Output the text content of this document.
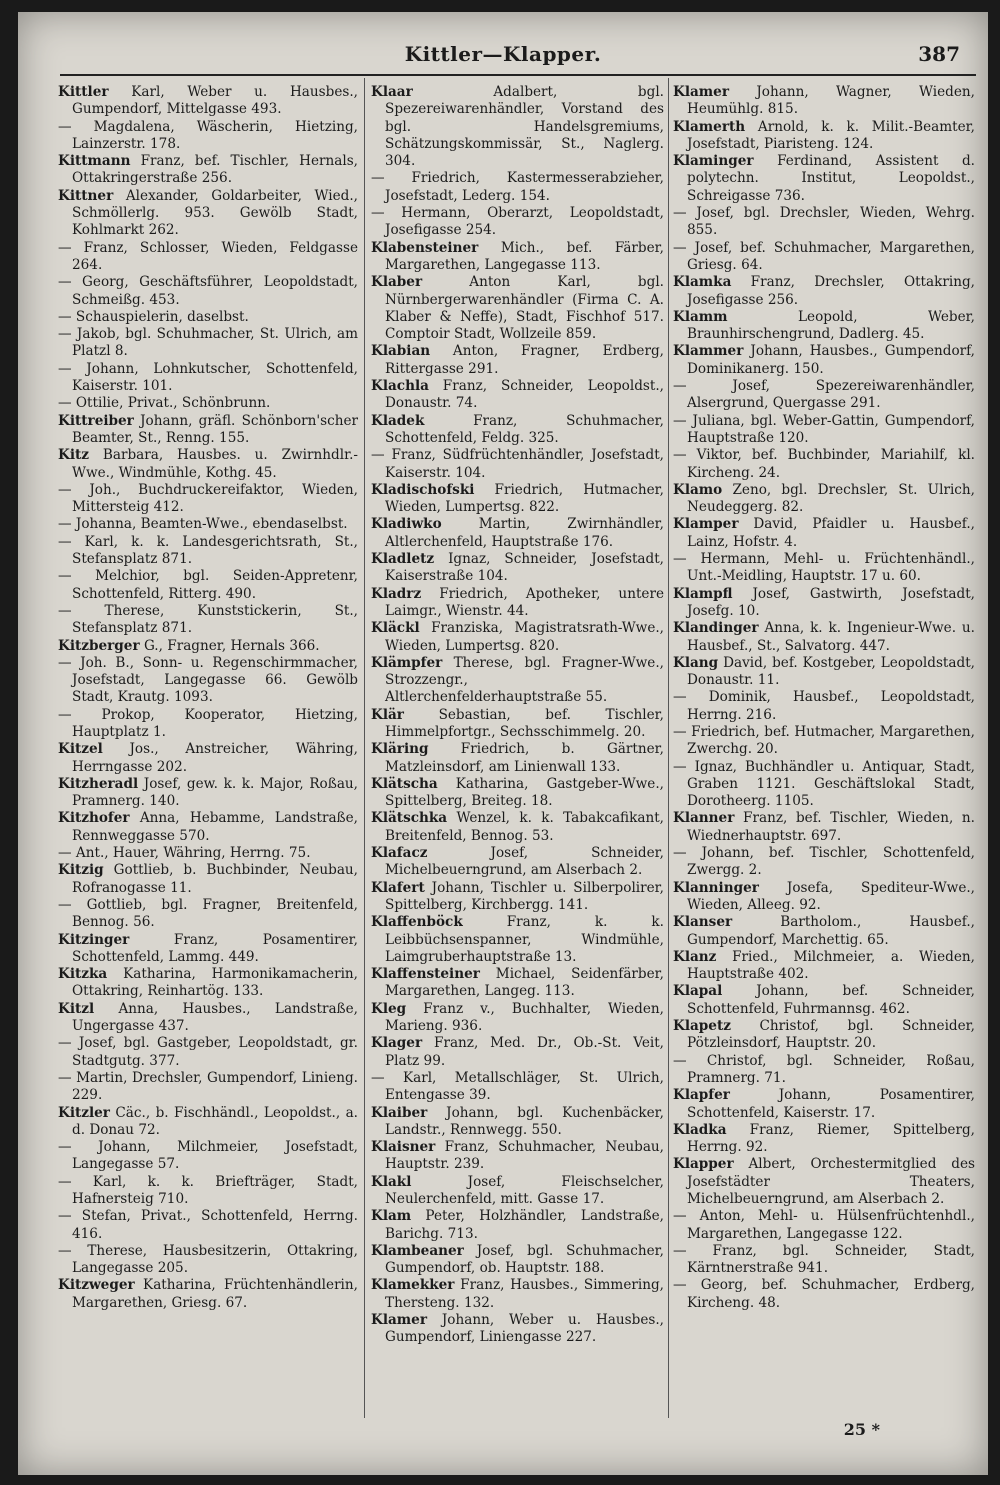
Kittler—Klapper.	387

Kittler Karl, Weber u. Hausbes., Gumpendorf, Mittelgasse 493.

— Magdalena, Wäscherin, Hietzing, Lainzerstr. 178.

Kittmann Franz, bef. Tischler, Hernals, Ottakringerstraße 256.

Kittner Alexander, Goldarbeiter, Wied., Schmöllerlg. 953. Gewölb Stadt, Kohlmarkt 262.

— Franz, Schlosser, Wieden, Feldgasse 264.

— Georg, Geschäftsführer, Leopoldstadt, Schmeißg. 453.

— Schauspielerin, daselbst.

— Jakob, bgl. Schuhmacher, St. Ulrich, am Platzl 8.

— Johann, Lohnkutscher, Schottenfeld, Kaiserstr. 101.

— Ottilie, Privat., Schönbrunn.

Kittreiber Johann, gräfl. Schönborn'scher Beamter, St., Renng. 155.

Kitz Barbara, Hausbes. u. Zwirnhdlr.-Wwe., Windmühle, Kothg. 45.

— Joh., Buchdruckereifaktor, Wieden, Mittersteig 412.

— Johanna, Beamten-Wwe., ebendaselbst.

— Karl, k. k. Landesgerichtsrath, St., Stefansplatz 871.

— Melchior, bgl. Seiden-Appretenr, Schottenfeld, Ritterg. 490.

— Therese, Kunststickerin, St., Stefansplatz 871.

Kitzberger G., Fragner, Hernals 366.

— Joh. B., Sonn- u. Regenschirmmacher, Josefstadt, Langegasse 66. Gewölb Stadt, Krautg. 1093.

— Prokop, Kooperator, Hietzing, Hauptplatz 1.

Kitzel Jos., Anstreicher, Währing, Herrngasse 202.

Kitzheradl Josef, gew. k. k. Major, Roßau, Pramnerg. 140.

Kitzhofer Anna, Hebamme, Landstraße, Rennweggasse 570.

— Ant., Hauer, Währing, Herrng. 75.

Kitzig Gottlieb, b. Buchbinder, Neubau, Rofranogasse 11.

— Gottlieb, bgl. Fragner, Breitenfeld, Bennog. 56.

Kitzinger	Franz, Posamentirer, Schottenfeld, Lammg. 449.

Kitzka Katharina, Harmonikamacherin, Ottakring, Reinhartög. 133.

Kitzl Anna, Hausbes., Landstraße, Ungergasse 437.

— Josef, bgl. Gastgeber, Leopoldstadt, gr. Stadtgutg. 377.

— Martin, Drechsler, Gumpendorf, Linieng. 229.

Kitzler Cäc., b. Fischhändl., Leopoldst., a. d. Donau 72.

— Johann, Milchmeier, Josefstadt, Langegasse 57.

— Karl, k. k. Briefträger, Stadt, Hafnersteig 710.

— Stefan, Privat., Schottenfeld, Herrng. 416.

— Therese, Hausbesitzerin, Ottakring, Langegasse 205.

Kitzweger Katharina, Früchtenhändlerin, Margarethen, Griesg. 67.

Klaar	Adalbert, bgl. Spezereiwarenhändler, Vorstand des bgl. Handelsgremiums, Schätzungskommissär, St., Naglerg. 304.

— Friedrich, Kastermesserabzieher, Josefstadt, Lederg. 154.

— Hermann, Oberarzt, Leopoldstadt, Josefigasse 254.

Klabensteiner Mich., bef. Färber, Margarethen, Langegasse 113.

Klaber	Anton Karl, bgl. Nürnbergerwarenhändler (Firma C. A. Klaber & Neffe), Stadt, Fischhof 517. Comptoir Stadt, Wollzeile 859.

Klabian Anton, Fragner, Erdberg, Rittergasse 291.

Klachla Franz, Schneider, Leopoldst., Donaustr. 74.

Kladek	Franz, Schuhmacher, Schottenfeld, Feldg. 325.

— Franz, Südfrüchtenhändler, Josefstadt, Kaiserstr. 104.

Kladischofski Friedrich, Hutmacher, Wieden, Lumpertsg. 822.

Kladiwko	Martin, Zwirnhändler, Altlerchenfeld, Hauptstraße 176.

Kladletz Ignaz, Schneider, Josefstadt, Kaiserstraße 104.

Kladrz Friedrich, Apotheker, untere Laimgr., Wienstr. 44.

Kläckl Franziska, Magistratsrath-Wwe., Wieden, Lumpertsg. 820.

Klämpfer Therese, bgl. Fragner-Wwe., Strozzengr., Altlerchenfelderhauptstraße 55.

Klär	Sebastian, bef. Tischler, Himmelpfortgr., Sechsschimmelg. 20.

Kläring Friedrich, b. Gärtner, Matzleinsdorf, am Linienwall 133.

Klätscha Katharina, Gastgeber-Wwe., Spittelberg, Breiteg. 18.

Klätschka Wenzel, k. k. Tabakcafikant, Breitenfeld, Bennog. 53.

Klafacz	Josef, Schneider, Michelbeuerngrund, am Alserbach 2.

Klafert Johann, Tischler u. Silberpolirer, Spittelberg, Kirchbergg. 141.

Klaffenböck	Franz, k. k. Leibbüchsenspanner, Windmühle, Laimgruberhauptstraße 13.

Klaffensteiner Michael, Seidenfärber, Margarethen, Langeg. 113.

Kleg Franz v., Buchhalter, Wieden, Marieng. 936.

Klager Franz, Med. Dr., Ob.-St. Veit, Platz 99.

— Karl, Metallschläger, St. Ulrich, Entengasse 39.

Klaiber Johann, bgl. Kuchenbäcker, Landstr., Rennwegg. 550.

Klaisner Franz, Schuhmacher, Neubau, Hauptstr. 239.

Klakl	Josef, Fleischselcher, Neulerchenfeld, mitt. Gasse 17.

Klam Peter, Holzhändler, Landstraße, Barichg. 713.

Klambeaner Josef, bgl. Schuhmacher, Gumpendorf, ob. Hauptstr. 188.

Klamekker Franz, Hausbes., Simmering, Thersteng. 132.

Klamer Johann, Weber u. Hausbes., Gumpendorf, Liniengasse 227.

Klamer Johann, Wagner, Wieden, Heumühlg. 815.

Klamerth Arnold, k. k. Milit.-Beamter, Josefstadt, Piaristeng. 124.

Klaminger Ferdinand, Assistent d. polytechn. Institut, Leopoldst., Schreigasse 736.

— Josef, bgl. Drechsler, Wieden, Wehrg. 855.

— Josef, bef. Schuhmacher, Margarethen, Griesg. 64.

Klamka Franz, Drechsler, Ottakring, Josefigasse 256.

Klamm	Leopold, Weber, Braunhirschengrund, Dadlerg. 45.

Klammer Johann, Hausbes., Gumpendorf, Dominikanerg. 150.

— Josef, Spezereiwarenhändler, Alsergrund, Quergasse 291.

— Juliana, bgl. Weber-Gattin, Gumpendorf, Hauptstraße 120.

— Viktor, bef. Buchbinder, Mariahilf, kl. Kircheng. 24.

Klamo Zeno, bgl. Drechsler, St. Ulrich, Neudeggerg. 82.

Klamper David, Pfaidler u. Hausbef., Lainz, Hofstr. 4.

— Hermann, Mehl- u. Früchtenhändl., Unt.-Meidling, Hauptstr. 17 u. 60.

Klampfl Josef, Gastwirth, Josefstadt, Josefg. 10.

Klandinger Anna, k. k. Ingenieur-Wwe. u. Hausbef., St., Salvatorg. 447.

Klang David, bef. Kostgeber, Leopoldstadt, Donaustr. 11.

— Dominik, Hausbef., Leopoldstadt, Herrng. 216.

— Friedrich, bef. Hutmacher, Margarethen, Zwerchg. 20.

— Ignaz, Buchhändler u. Antiquar, Stadt, Graben 1121. Geschäftslokal Stadt, Dorotheerg. 1105.

Klanner Franz, bef. Tischler, Wieden, n. Wiednerhauptstr. 697.

— Johann, bef. Tischler, Schottenfeld, Zwergg. 2.

Klanninger Josefa, Spediteur-Wwe., Wieden, Alleeg. 92.

Klanser	Bartholom., Hausbef., Gumpendorf, Marchettig. 65.

Klanz Fried., Milchmeier, a. Wieden, Hauptstraße 402.

Klapal Johann, bef. Schneider, Schottenfeld, Fuhrmannsg. 462.

Klapetz Christof, bgl. Schneider, Pötzleinsdorf, Hauptstr. 20.

— Christof, bgl. Schneider, Roßau, Pramnerg. 71.

Klapfer	Johann, Posamentirer, Schottenfeld, Kaiserstr. 17.

Kladka Franz, Riemer, Spittelberg, Herrng. 92.

Klapper Albert, Orchestermitglied des Josefstädter Theaters, Michelbeuerngrund, am Alserbach 2.

— Anton, Mehl- u. Hülsenfrüchtenhdl., Margarethen, Langegasse 122.

— Franz, bgl. Schneider, Stadt, Kärntnerstraße 941.

— Georg, bef. Schuhmacher, Erdberg, Kircheng. 48.

25 *
